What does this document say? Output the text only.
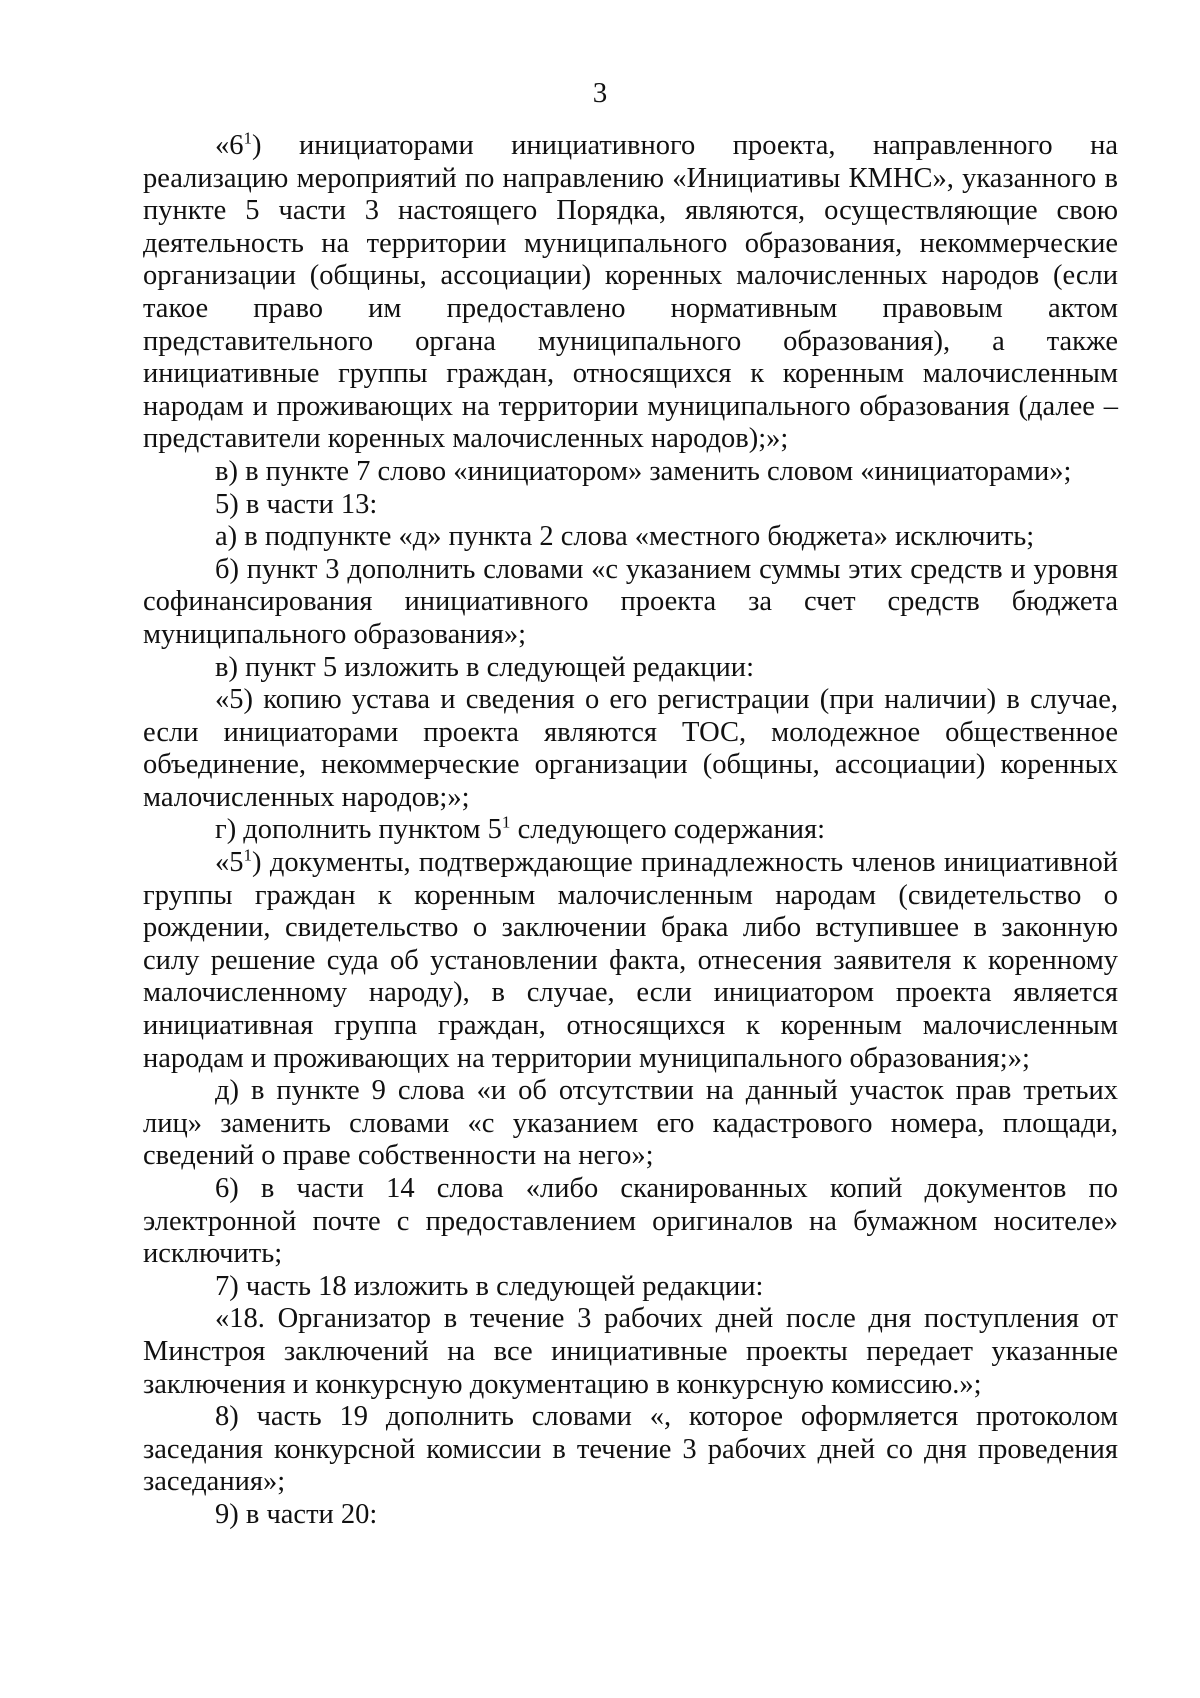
3

«$6^1$) инициаторами инициативного проекта, направленного на реализацию мероприятий по направлению «Инициативы КМНС», указанного в пункте 5 части 3 настоящего Порядка, являются, осуществляющие свою деятельность на территории муниципального образования, некоммерческие организации (общины, ассоциации) коренных малочисленных народов (если такое право им предоставлено нормативным правовым актом представительного органа муниципального образования), а также инициативные группы граждан, относящихся к коренным малочисленным народам и проживающих на территории муниципального образования (далее – представители коренных малочисленных народов);»;

в) в пункте 7 слово «инициатором» заменить словом «инициаторами»;

5) в части 13:

а) в подпункте «д» пункта 2 слова «местного бюджета» исключить;

б) пункт 3 дополнить словами «с указанием суммы этих средств и уровня софинансирования инициативного проекта за счет средств бюджета муниципального образования»;

в) пункт 5 изложить в следующей редакции:

«5) копию устава и сведения о его регистрации (при наличии) в случае, если инициаторами проекта являются ТОС, молодежное общественное объединение, некоммерческие организации (общины, ассоциации) коренных малочисленных народов;»;

г) дополнить пунктом $5^1$ следующего содержания:

«$5^1$) документы, подтверждающие принадлежность членов инициативной группы граждан к коренным малочисленным народам (свидетельство о рождении, свидетельство о заключении брака либо вступившее в законную силу решение суда об установлении факта, отнесения заявителя к коренному малочисленному народу), в случае, если инициатором проекта является инициативная группа граждан, относящихся к коренным малочисленным народам и проживающих на территории муниципального образования;»;

д) в пункте 9 слова «и об отсутствии на данный участок прав третьих лиц» заменить словами «с указанием его кадастрового номера, площади, сведений о праве собственности на него»;

6) в части 14 слова «либо сканированных копий документов по электронной почте с предоставлением оригиналов на бумажном носителе» исключить;

7) часть 18 изложить в следующей редакции:

«18. Организатор в течение 3 рабочих дней после дня поступления от Минстроя заключений на все инициативные проекты передает указанные заключения и конкурсную документацию в конкурсную комиссию.»;

8) часть 19 дополнить словами «, которое оформляется протоколом заседания конкурсной комиссии в течение 3 рабочих дней со дня проведения заседания»;

9) в части 20:
